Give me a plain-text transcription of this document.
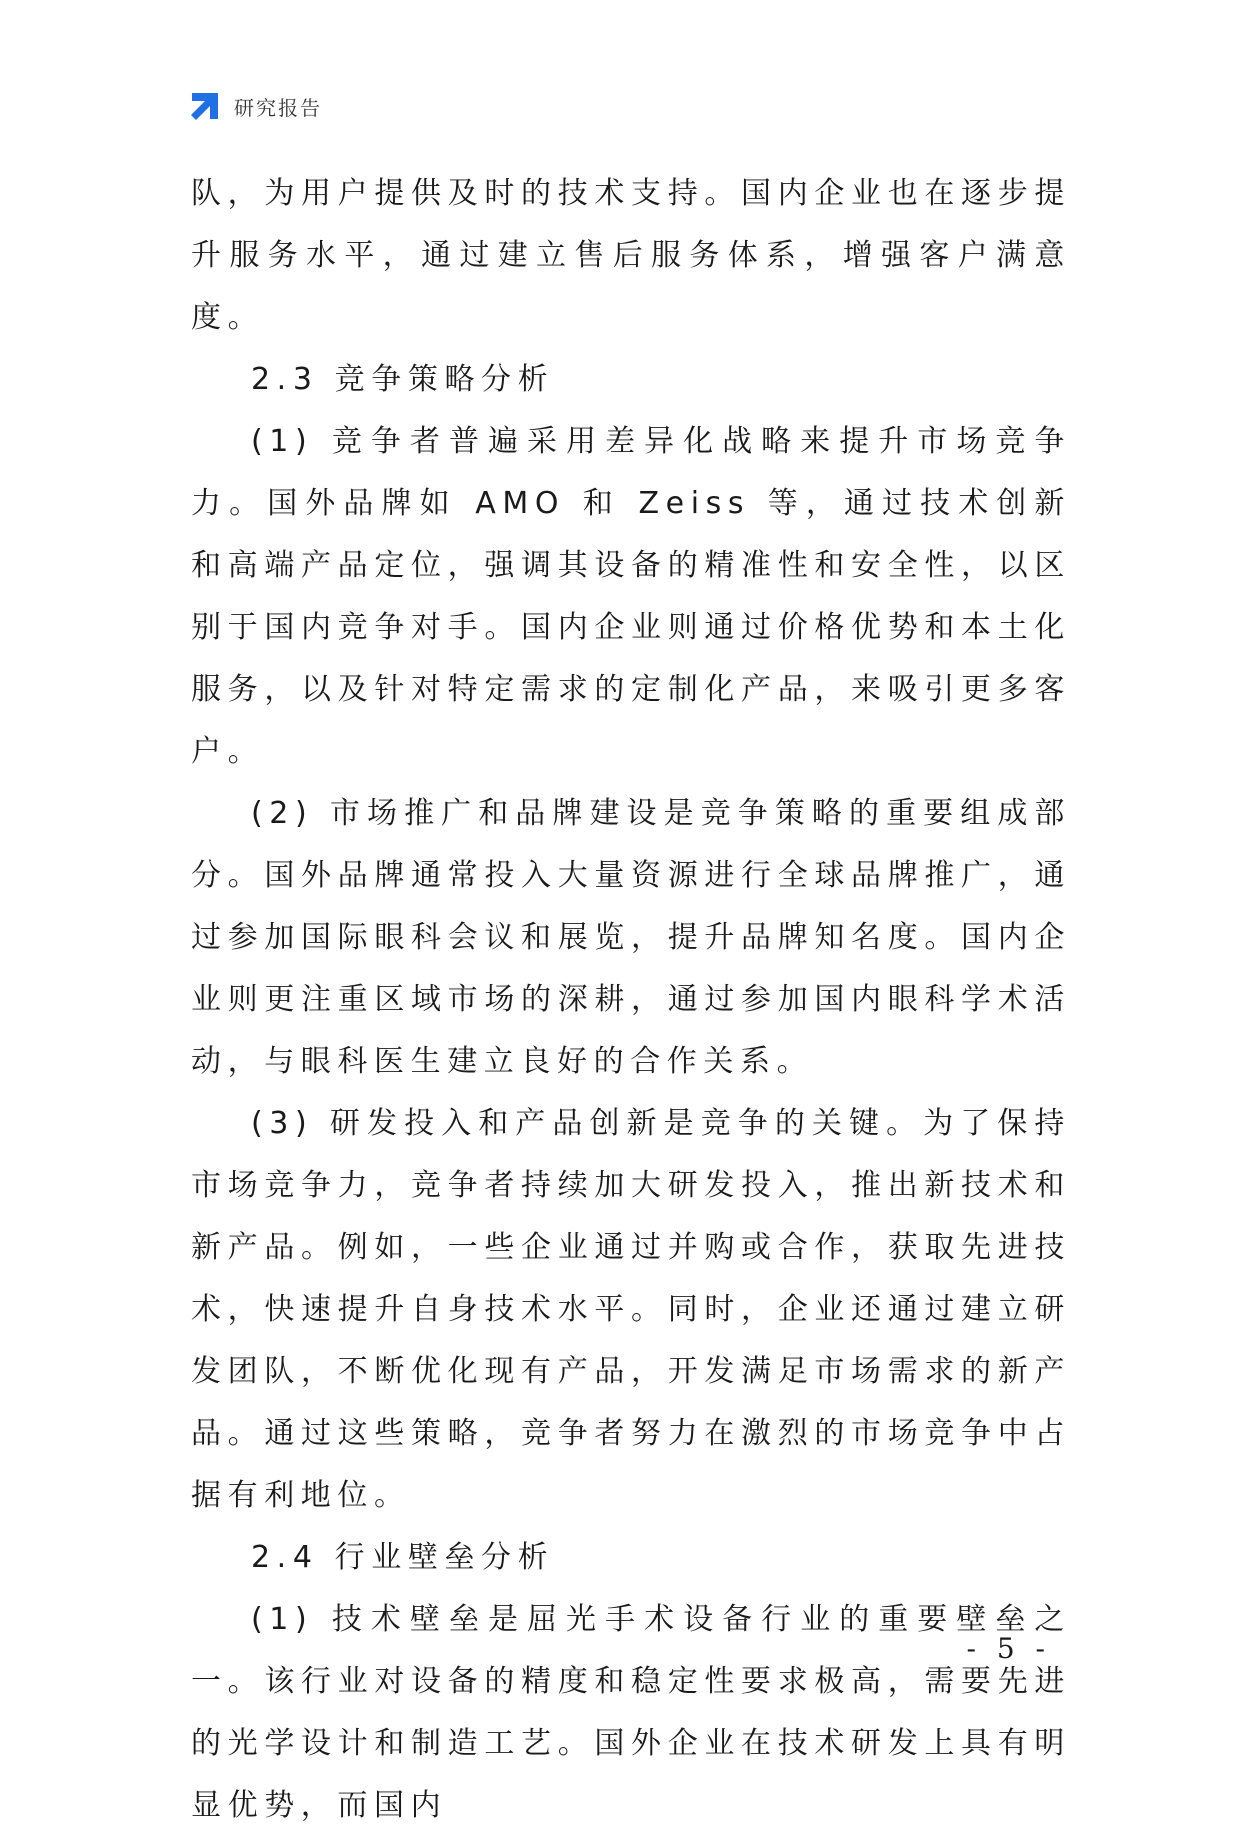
研究报告

队，为用户提供及时的技术支持。国内企业也在逐步提升服务水平，通过建立售后服务体系，增强客户满意度。

2.3 竞争策略分析

(1) 竞争者普遍采用差异化战略来提升市场竞争力。国外品牌如 AMO 和 Zeiss 等，通过技术创新和高端产品定位，强调其设备的精准性和安全性，以区别于国内竞争对手。国内企业则通过价格优势和本土化服务，以及针对特定需求的定制化产品，来吸引更多客户。

(2) 市场推广和品牌建设是竞争策略的重要组成部分。国外品牌通常投入大量资源进行全球品牌推广，通过参加国际眼科会议和展览，提升品牌知名度。国内企业则更注重区域市场的深耕，通过参加国内眼科学术活动，与眼科医生建立良好的合作关系。

(3) 研发投入和产品创新是竞争的关键。为了保持市场竞争力，竞争者持续加大研发投入，推出新技术和新产品。例如，一些企业通过并购或合作，获取先进技术，快速提升自身技术水平。同时，企业还通过建立研发团队，不断优化现有产品，开发满足市场需求的新产品。通过这些策略，竞争者努力在激烈的市场竞争中占据有利地位。

2.4 行业壁垒分析

(1) 技术壁垒是屈光手术设备行业的重要壁垒之一。该行业对设备的精度和稳定性要求极高，需要先进的光学设计和制造工艺。国外企业在技术研发上具有明显优势，而国内

- 5 -
